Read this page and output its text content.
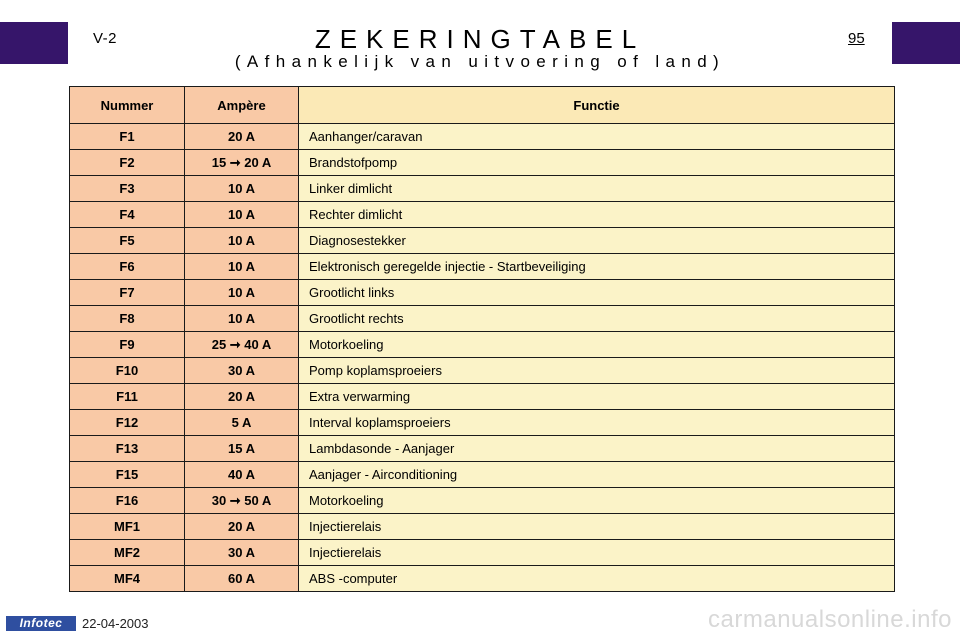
V-2	ZEKERINGTABEL
(Afhankelijk van uitvoering of land)
95
Nummer	Ampère	Functie
F1	20 A	Aanhanger/caravan
F2	15 ➞ 20 A	Brandstofpomp
F3	10 A	Linker dimlicht
F4	10 A	Rechter dimlicht
F5	10 A	Diagnosestekker
F6	10 A	Elektronisch geregelde injectie - Startbeveiliging
F7	10 A	Grootlicht links
F8	10 A	Grootlicht rechts
F9	25 ➞ 40 A	Motorkoeling
F10	30 A	Pomp koplamsproeiers
F11	20 A	Extra verwarming
F12	5 A	Interval koplamsproeiers
F13	15 A	Lambdasonde - Aanjager
F15	40 A	Aanjager - Airconditioning
F16	30 ➞ 50 A	Motorkoeling
MF1	20 A	Injectierelais
MF2	30 A	Injectierelais
MF4	60 A	ABS -computer
Infotec	22-04-2003	carmanualsonline.info
